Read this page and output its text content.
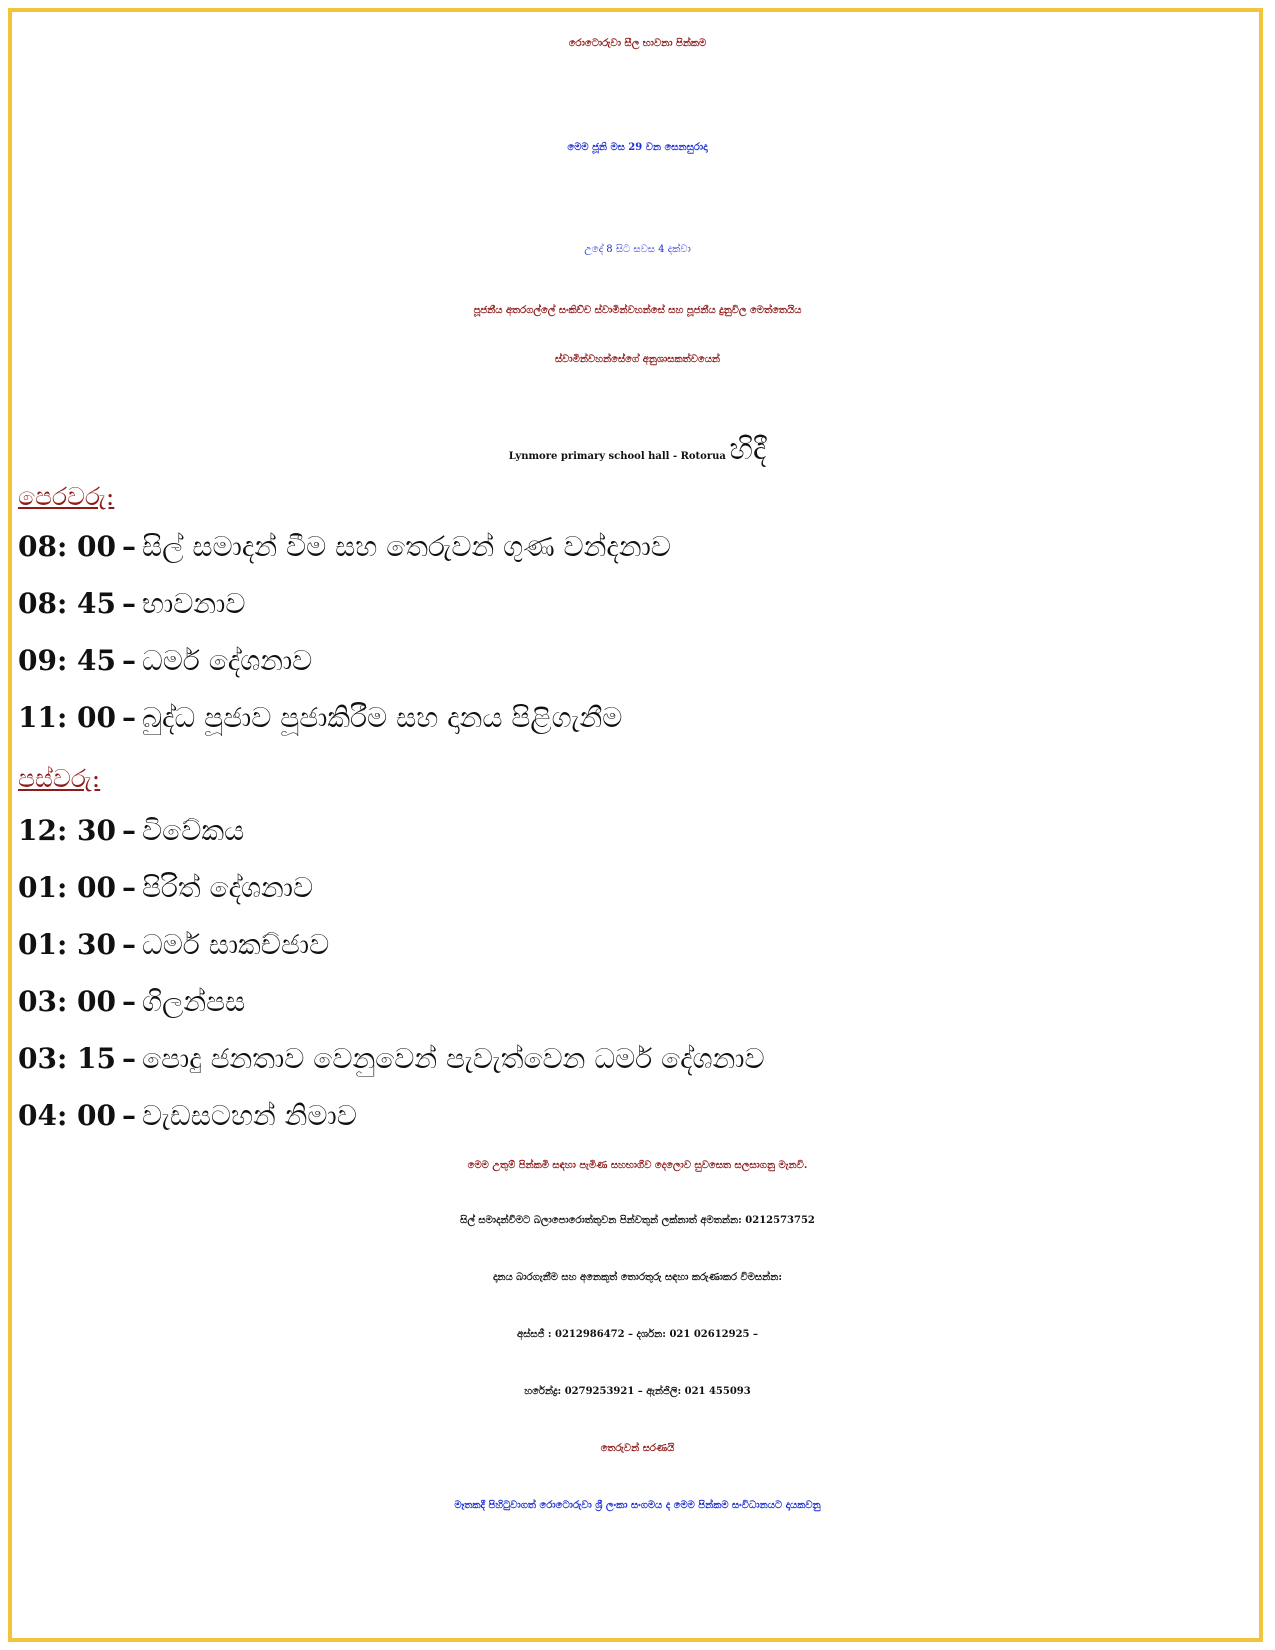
රොටොරුවා සීල භාවනා පින්කම
මෙම ජූනි මස 29 වන සෙනසුරාදා
උදේ 8 සිට සවස 4 දක්වා
පූජනීය අතරගල්ලේ සංකිච්ච ස්වාමින්වහන්සේ සහ පූජනීය දුනුවිල මෙත්තෙයිය
ස්වාමින්වහන්සේගේ අනුශාසකත්වයෙන්
Lynmore primary school hall - Rotorua හිදී
පෙරවරු:
08: 00 – සිල් සමාදන් වීම සහ තෙරුවන් ගුණ වන්දනාව
08: 45 – භාවනාව
09: 45 – ධර්ම දේශනාව
11: 00 – බුද්ධ පූජාව පූජාකිරීම සහ දානය පිළිගැනීම
පස්වරු:
12: 30 – විවේකය
01: 00 – පිරිත් දේශනාව
01: 30 – ධර්ම සාකච්ජාව
03: 00 – ගිලන්පස
03: 15 – පොදු ජනතාව වෙනුවෙන් පැවැත්වෙන ධර්ම දේශනාව
04: 00 – වැඩසටහන් නිමාව
මෙම උතුම් පින්කමි සඳහා පැමිණ සහභාගීව දෙලොව සුවසෙත සලසාගනු මැනවි.
සිල් සමාදන්වීමට බලාපොරොත්තුවන පින්වතුන් ලක්නාත් අමතන්න: 0212573752
දානය බාරගැනීම සහ අනෙකුත් තොරතුරු සඳහා කරුණාකර විමසන්න:
අස්සජී : 0212986472 – දර්ශන: 021 02612925 –
හරේන්ද්‍ර: 0279253921 – ඇන්ජිලි: 021 455093
තෙරුවන් සරණයි
මෑතකදී පිහිටුවාගත් රොටොරුවා ශ්‍රී ලංකා සංගමය ද මෙම පින්කම සංවිධානයට දායකවනු
